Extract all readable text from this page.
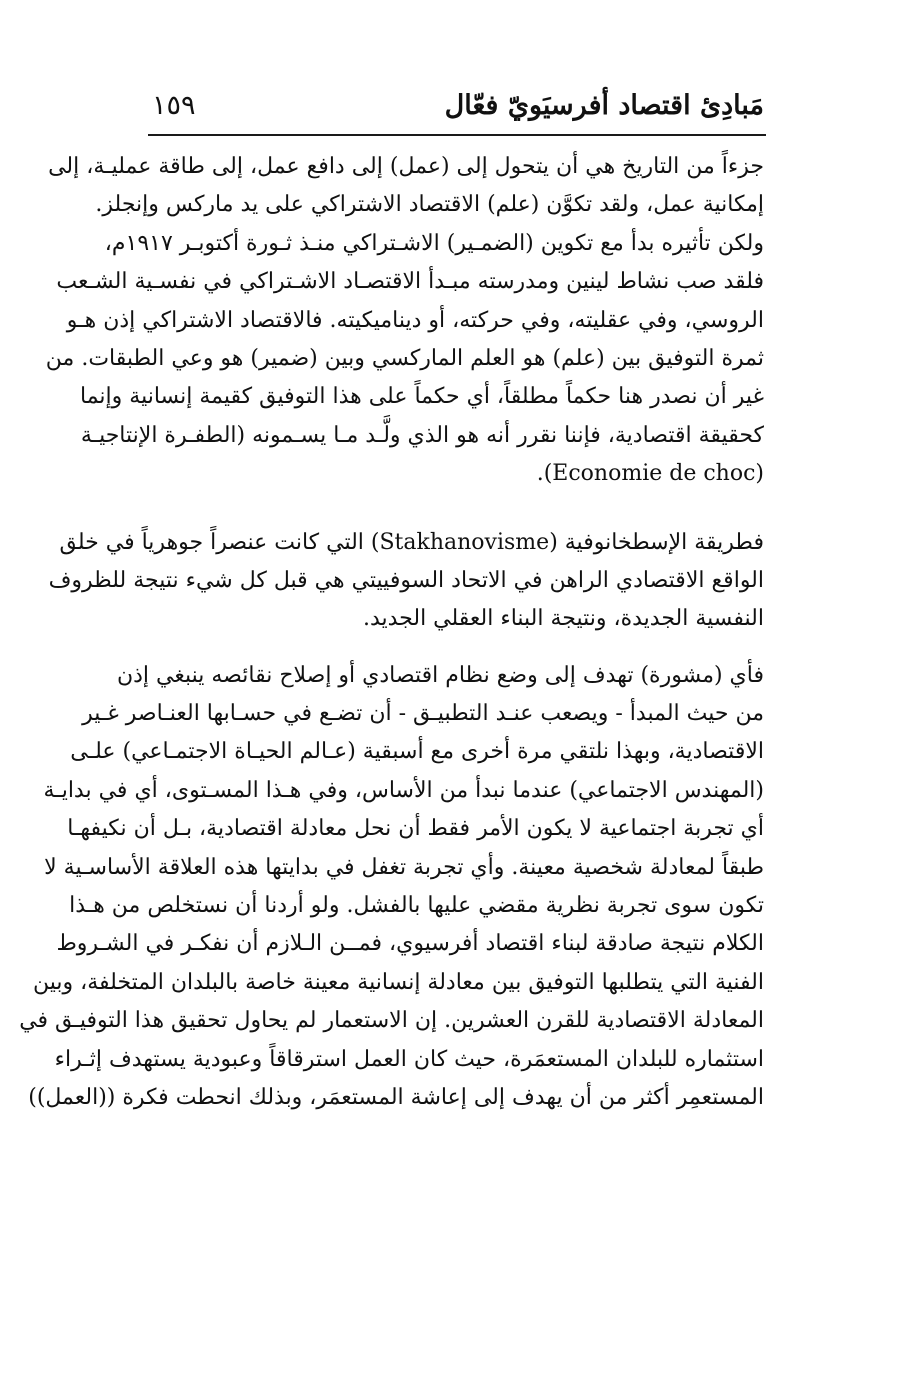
مَبادِئ اقتصاد أفرسيَويّ فعّال
١٥٩
جزءاً من التاريخ هي أن يتحول إلى (عمل) إلى دافع عمل، إلى طاقة عمليـة، إلى
إمكانية عمل، ولقد تكوَّن (علم) الاقتصاد الاشتراكي على يد ماركس وإنجلز.
ولكن تأثيره بدأ مع تكوين (الضمـير) الاشـتراكي منـذ ثـورة أكتوبـر ١٩١٧م،
فلقد صب نشاط لينين ومدرسته مبـدأ الاقتصـاد الاشـتراكي في نفسـية الشـعب
الروسي، وفي عقليته، وفي حركته، أو ديناميكيته. فالاقتصاد الاشتراكي إذن هـو
ثمرة التوفيق بين (علم) هو العلم الماركسي وبين (ضمير) هو وعي الطبقات. من
غير أن نصدر هنا حكماً مطلقاً، أي حكماً على هذا التوفيق كقيمة إنسانية وإنما
كحقيقة اقتصادية، فإننا نقرر أنه هو الذي ولَّـد مـا يسـمونه (الطفـرة الإنتاجيـة
(Economie de choc).
فطريقة الإسطخانوفية (Stakhanovisme) التي كانت عنصراً جوهرياً في خلق
الواقع الاقتصادي الراهن في الاتحاد السوفييتي هي قبل كل شيء نتيجة للظروف
النفسية الجديدة، ونتيجة البناء العقلي الجديد.
فأي (مشورة) تهدف إلى وضع نظام اقتصادي أو إصلاح نقائصه ينبغي إذن
من حيث المبدأ - ويصعب عنـد التطبيـق - أن تضـع في حسـابها العنـاصر غـير
الاقتصادية، وبهذا نلتقي مرة أخرى مع أسبقية (عـالم الحيـاة الاجتمـاعي) علـى
(المهندس الاجتماعي) عندما نبدأ من الأساس، وفي هـذا المسـتوى، أي في بدايـة
أي تجربة اجتماعية لا يكون الأمر فقط أن نحل معادلة اقتصادية، بـل أن نكيفهـا
طبقاً لمعادلة شخصية معينة. وأي تجربة تغفل في بدايتها هذه العلاقة الأساسـية لا
تكون سوى تجربة نظرية مقضي عليها بالفشل. ولو أردنا أن نستخلص من هـذا
الكلام نتيجة صادقة لبناء اقتصاد أفرسيوي، فمــن الـلازم أن نفكـر في الشـروط
الفنية التي يتطلبها التوفيق بين معادلة إنسانية معينة خاصة بالبلدان المتخلفة، وبين
المعادلة الاقتصادية للقرن العشرين. إن الاستعمار لم يحاول تحقيق هذا التوفيـق في
استثماره للبلدان المستعمَرة، حيث كان العمل استرقاقاً وعبودية يستهدف إثـراء
المستعمِر أكثر من أن يهدف إلى إعاشة المستعمَر، وبذلك انحطت فكرة ((العمل))
